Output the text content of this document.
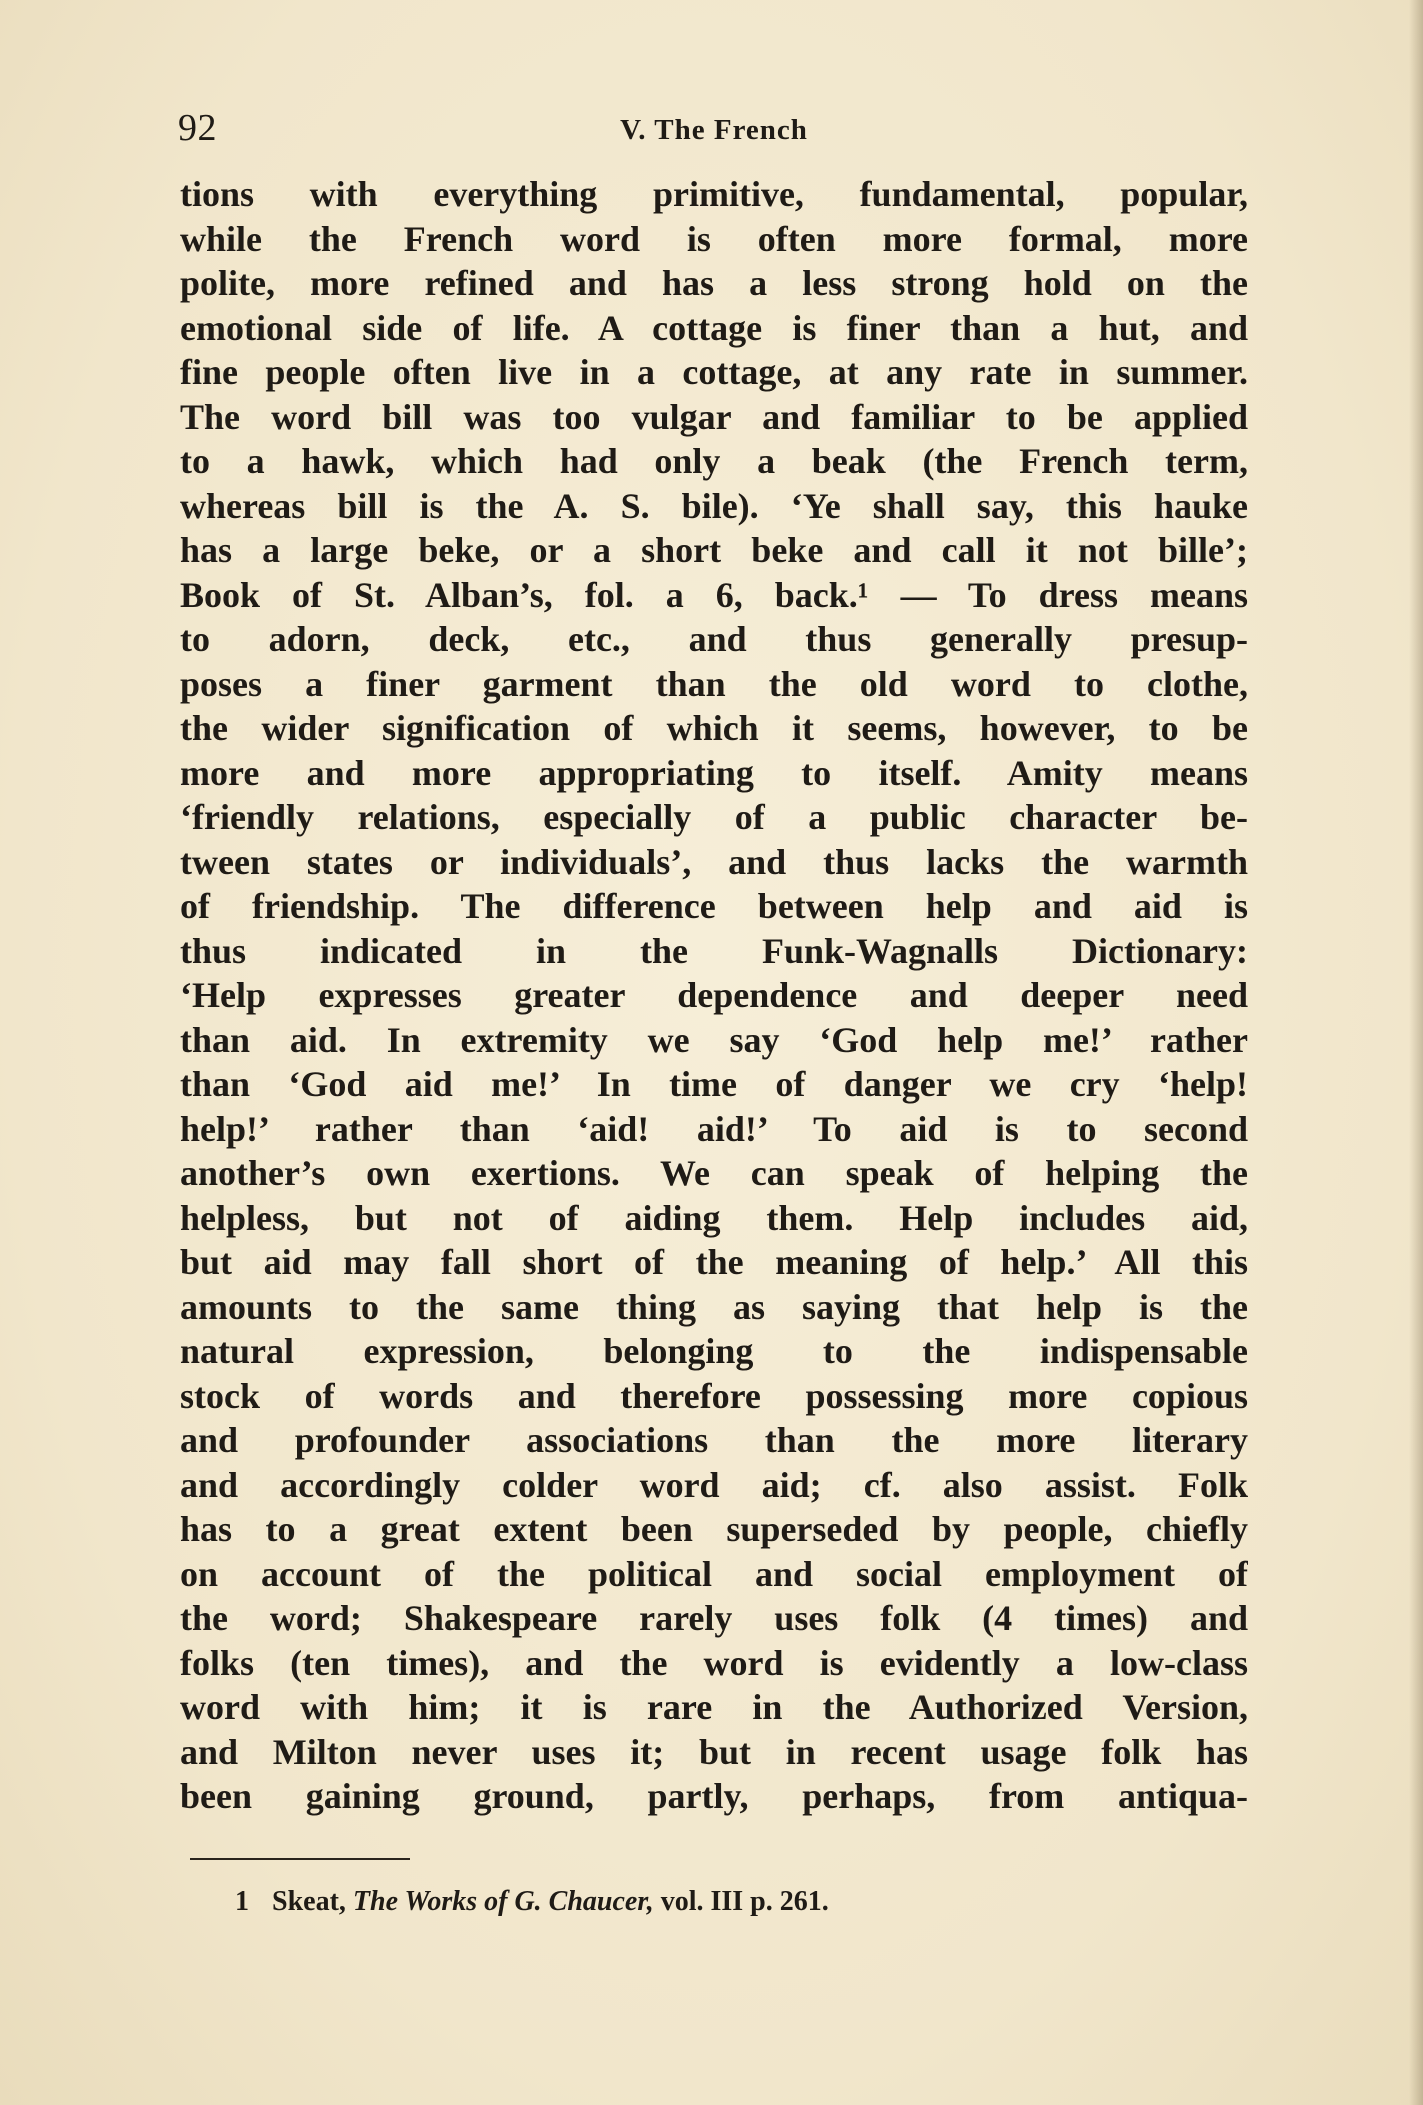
92	V. The French
tions with everything primitive, fundamental, popular,
while the French word is often more formal, more
polite, more refined and has a less strong hold on the
emotional side of life. A cottage is finer than a hut, and
fine people often live in a cottage, at any rate in summer.
The word bill was too vulgar and familiar to be applied
to a hawk, which had only a beak (the French term,
whereas bill is the A. S. bile). ‘Ye shall say, this hauke
has a large beke, or a short beke and call it not bille’;
Book of St. Alban’s, fol. a 6, back.¹ — To dress means
to adorn, deck, etc., and thus generally presup-
poses a finer garment than the old word to clothe,
the wider signification of which it seems, however, to be
more and more appropriating to itself. Amity means
‘friendly relations, especially of a public character be-
tween states or individuals’, and thus lacks the warmth
of friendship. The difference between help and aid is
thus indicated in the Funk-Wagnalls Dictionary:
‘Help expresses greater dependence and deeper need
than aid. In extremity we say ‘God help me!’ rather
than ‘God aid me!’ In time of danger we cry ‘help!
help!’ rather than ‘aid! aid!’ To aid is to second
another’s own exertions. We can speak of helping the
helpless, but not of aiding them. Help includes aid,
but aid may fall short of the meaning of help.’ All this
amounts to the same thing as saying that help is the
natural expression, belonging to the indispensable
stock of words and therefore possessing more copious
and profounder associations than the more literary
and accordingly colder word aid; cf. also assist. Folk
has to a great extent been superseded by people, chiefly
on account of the political and social employment of
the word; Shakespeare rarely uses folk (4 times) and
folks (ten times), and the word is evidently a low-class
word with him; it is rare in the Authorized Version,
and Milton never uses it; but in recent usage folk has
been gaining ground, partly, perhaps, from antiqua-
1 Skeat, The Works of G. Chaucer, vol. III p. 261.
